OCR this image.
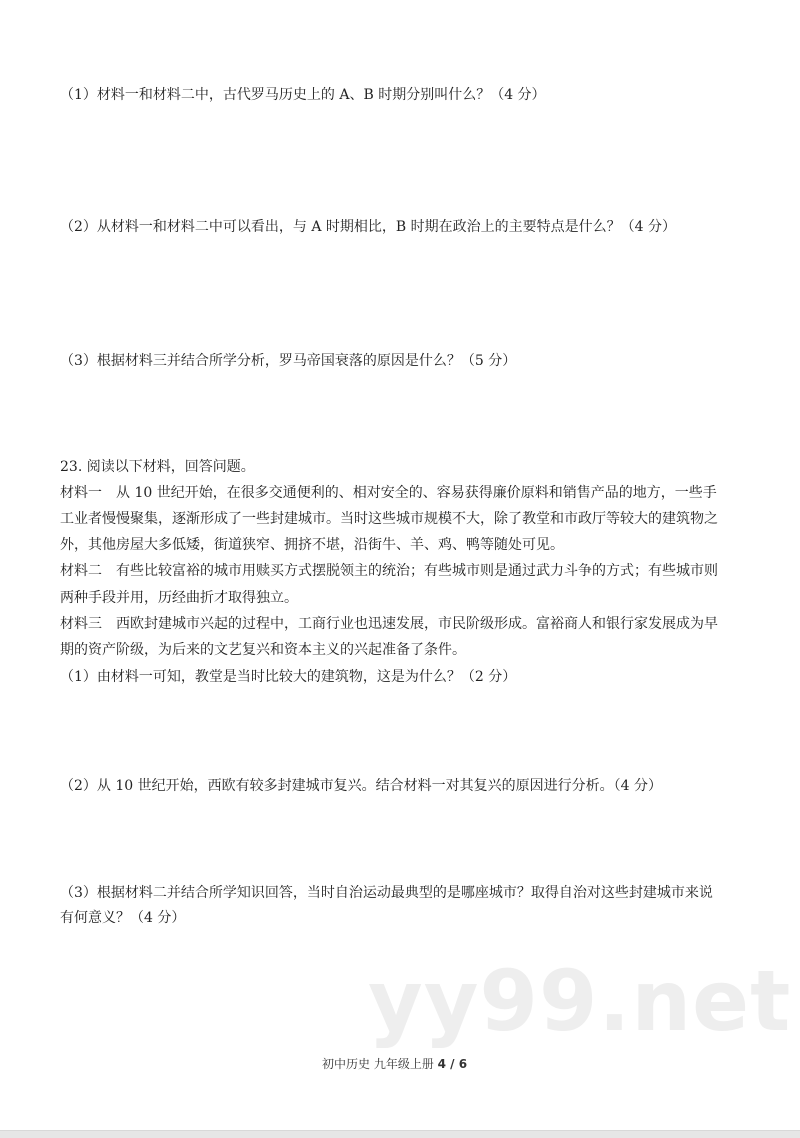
yy99.net
（1）材料一和材料二中，古代罗马历史上的 A、B 时期分别叫什么？（4 分）
（2）从材料一和材料二中可以看出，与 A 时期相比，B 时期在政治上的主要特点是什么？（4 分）
（3）根据材料三并结合所学分析，罗马帝国衰落的原因是什么？（5 分）
23. 阅读以下材料，回答问题。
材料一　从 10 世纪开始，在很多交通便利的、相对安全的、容易获得廉价原料和销售产品的地方，一些手
工业者慢慢聚集，逐渐形成了一些封建城市。当时这些城市规模不大，除了教堂和市政厅等较大的建筑物之
外，其他房屋大多低矮，街道狭窄、拥挤不堪，沿街牛、羊、鸡、鸭等随处可见。
材料二　有些比较富裕的城市用赎买方式摆脱领主的统治；有些城市则是通过武力斗争的方式；有些城市则
两种手段并用，历经曲折才取得独立。
材料三　西欧封建城市兴起的过程中，工商行业也迅速发展，市民阶级形成。富裕商人和银行家发展成为早
期的资产阶级，为后来的文艺复兴和资本主义的兴起准备了条件。
（1）由材料一可知，教堂是当时比较大的建筑物，这是为什么？（2 分）
（2）从 10 世纪开始，西欧有较多封建城市复兴。结合材料一对其复兴的原因进行分析。（4 分）
（3）根据材料二并结合所学知识回答，当时自治运动最典型的是哪座城市？取得自治对这些封建城市来说
有何意义？（4 分）
初中历史 九年级上册 4 / 6
